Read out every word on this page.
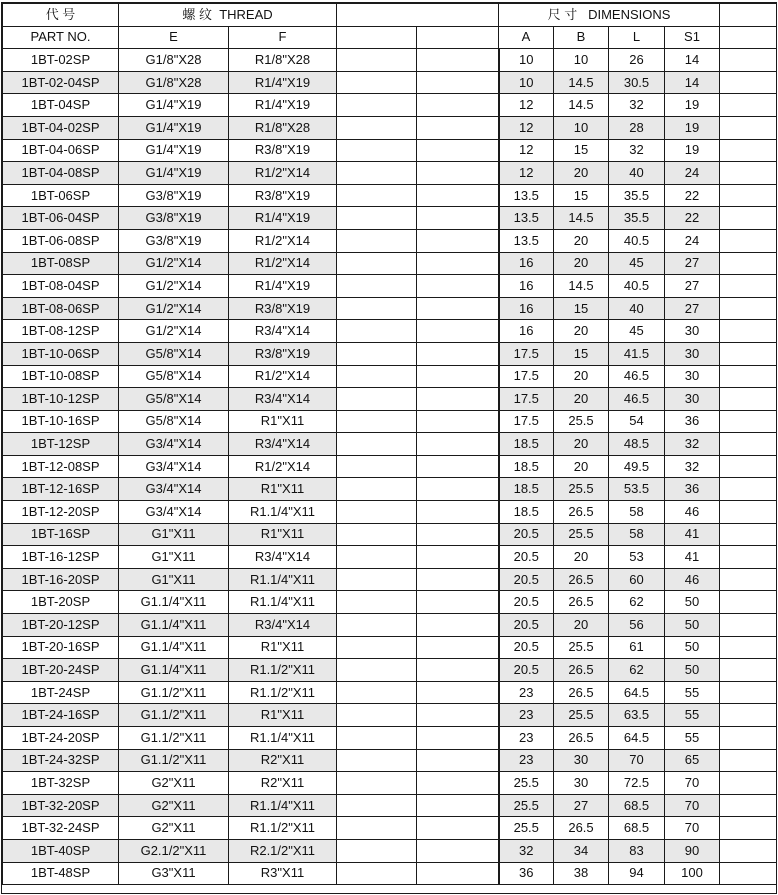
代 号	螺 纹 THREAD				尺 寸 DIMENSIONS				
PART NO.	E	F			A	B	L	S1	
1BT-02SP	G1/8"X28	R1/8"X28			10	10	26	14	
1BT-02-04SP	G1/8"X28	R1/4"X19			10	14.5	30.5	14	
1BT-04SP	G1/4"X19	R1/4"X19			12	14.5	32	19	
1BT-04-02SP	G1/4"X19	R1/8"X28			12	10	28	19	
1BT-04-06SP	G1/4"X19	R3/8"X19			12	15	32	19	
1BT-04-08SP	G1/4"X19	R1/2"X14			12	20	40	24	
1BT-06SP	G3/8"X19	R3/8"X19			13.5	15	35.5	22	
1BT-06-04SP	G3/8"X19	R1/4"X19			13.5	14.5	35.5	22	
1BT-06-08SP	G3/8"X19	R1/2"X14			13.5	20	40.5	24	
1BT-08SP	G1/2"X14	R1/2"X14			16	20	45	27	
1BT-08-04SP	G1/2"X14	R1/4"X19			16	14.5	40.5	27	
1BT-08-06SP	G1/2"X14	R3/8"X19			16	15	40	27	
1BT-08-12SP	G1/2"X14	R3/4"X14			16	20	45	30	
1BT-10-06SP	G5/8"X14	R3/8"X19			17.5	15	41.5	30	
1BT-10-08SP	G5/8"X14	R1/2"X14			17.5	20	46.5	30	
1BT-10-12SP	G5/8"X14	R3/4"X14			17.5	20	46.5	30	
1BT-10-16SP	G5/8"X14	R1"X11			17.5	25.5	54	36	
1BT-12SP	G3/4"X14	R3/4"X14			18.5	20	48.5	32	
1BT-12-08SP	G3/4"X14	R1/2"X14			18.5	20	49.5	32	
1BT-12-16SP	G3/4"X14	R1"X11			18.5	25.5	53.5	36	
1BT-12-20SP	G3/4"X14	R1.1/4"X11			18.5	26.5	58	46	
1BT-16SP	G1"X11	R1"X11			20.5	25.5	58	41	
1BT-16-12SP	G1"X11	R3/4"X14			20.5	20	53	41	
1BT-16-20SP	G1"X11	R1.1/4"X11			20.5	26.5	60	46	
1BT-20SP	G1.1/4"X11	R1.1/4"X11			20.5	26.5	62	50	
1BT-20-12SP	G1.1/4"X11	R3/4"X14			20.5	20	56	50	
1BT-20-16SP	G1.1/4"X11	R1"X11			20.5	25.5	61	50	
1BT-20-24SP	G1.1/4"X11	R1.1/2"X11			20.5	26.5	62	50	
1BT-24SP	G1.1/2"X11	R1.1/2"X11			23	26.5	64.5	55	
1BT-24-16SP	G1.1/2"X11	R1"X11			23	25.5	63.5	55	
1BT-24-20SP	G1.1/2"X11	R1.1/4"X11			23	26.5	64.5	55	
1BT-24-32SP	G1.1/2"X11	R2"X11			23	30	70	65	
1BT-32SP	G2"X11	R2"X11			25.5	30	72.5	70	
1BT-32-20SP	G2"X11	R1.1/4"X11			25.5	27	68.5	70	
1BT-32-24SP	G2"X11	R1.1/2"X11			25.5	26.5	68.5	70	
1BT-40SP	G2.1/2"X11	R2.1/2"X11			32	34	83	90	
1BT-48SP	G3"X11	R3"X11			36	38	94	100	
